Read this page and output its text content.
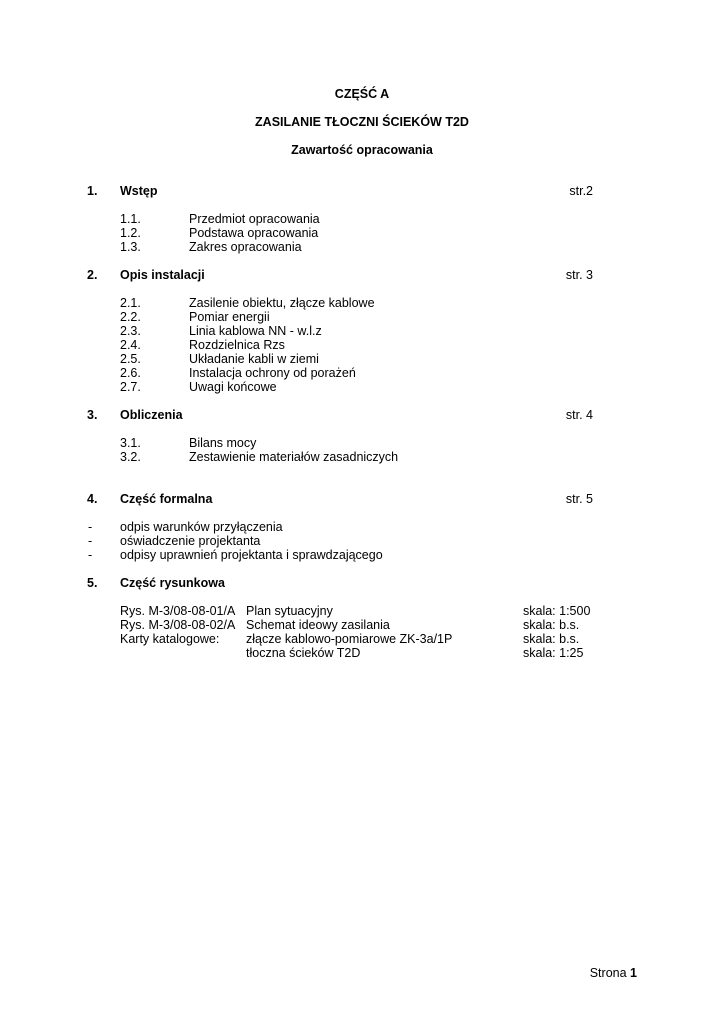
CZĘŚĆ A
ZASILANIE TŁOCZNI ŚCIEKÓW T2D
Zawartość opracowania
1. Wstęp	str.2
1.1.	Przedmiot opracowania
1.2.	Podstawa opracowania
1.3.	Zakres opracowania
2. Opis instalacji	str. 3
2.1.	Zasilenie obiektu, złącze kablowe
2.2.	Pomiar energii
2.3.	Linia kablowa NN - w.l.z
2.4.	Rozdzielnica Rzs
2.5.	Układanie kabli w ziemi
2.6.	Instalacja ochrony od porażeń
2.7.	Uwagi końcowe
3. Obliczenia	str. 4
3.1.	Bilans mocy
3.2.	Zestawienie materiałów zasadniczych
4. Część formalna	str. 5
- odpis warunków przyłączenia
- oświadczenie projektanta
- odpisy uprawnień projektanta i sprawdzającego
5. Część rysunkowa
Rys. M-3/08-08-01/A Plan sytuacyjny	skala: 1:500
Rys. M-3/08-08-02/A Schemat ideowy zasilania	skala: b.s.
Karty katalogowe: złącze kablowo-pomiarowe ZK-3a/1P	skala: b.s.
tłoczna ścieków T2D	skala: 1:25
Strona 1
